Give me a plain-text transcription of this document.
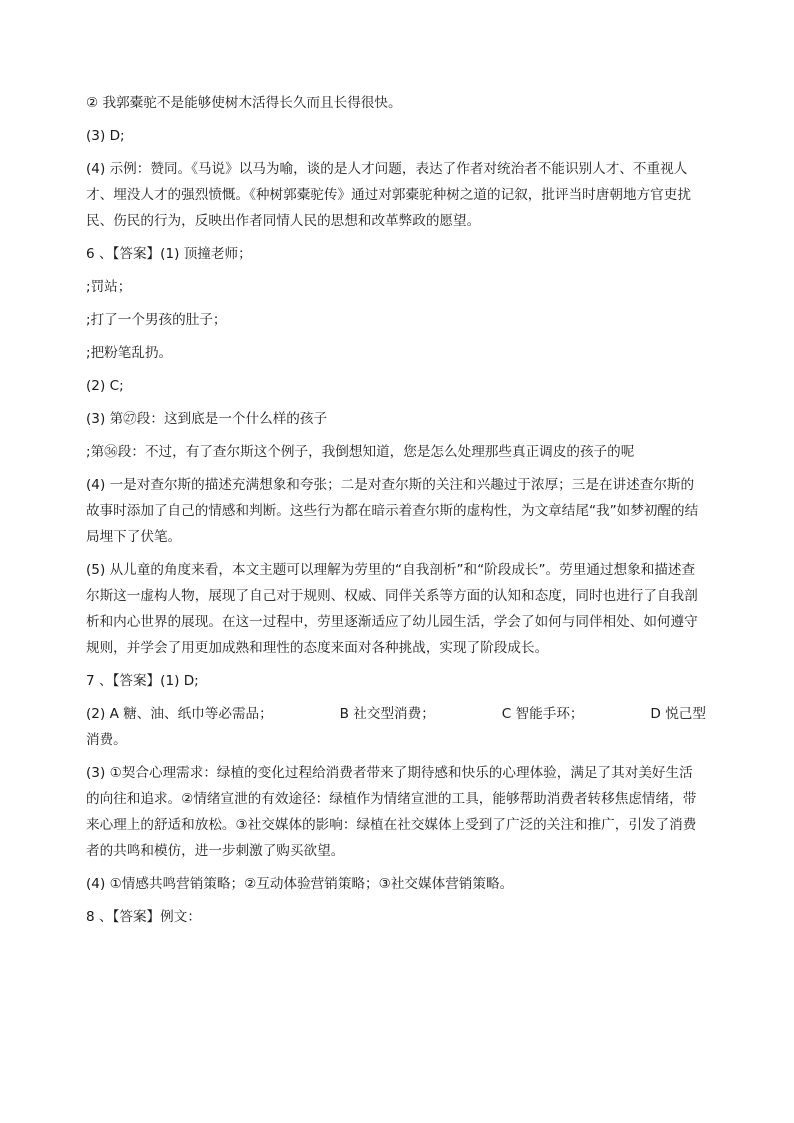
② 我郭橐驼不是能够使树木活得长久而且长得很快。

(3) D;

(4) 示例：赞同。《马说》以马为喻，谈的是人才问题，表达了作者对统治者不能识别人才、不重视人才、埋没人才的强烈愤慨。《种树郭橐驼传》通过对郭橐驼种树之道的记叙，批评当时唐朝地方官吏扰民、伤民的行为，反映出作者同情人民的思想和改革弊政的愿望。

6 、【答案】(1) 顶撞老师；

;罚站；

;打了一个男孩的肚子；

;把粉笔乱扔。

(2) C;

(3) 第㉗段：这到底是一个什么样的孩子

;第㊱段：不过，有了查尔斯这个例子，我倒想知道，您是怎么处理那些真正调皮的孩子的呢

(4) 一是对查尔斯的描述充满想象和夸张；二是对查尔斯的关注和兴趣过于浓厚；三是在讲述查尔斯的故事时添加了自己的情感和判断。这些行为都在暗示着查尔斯的虚构性，为文章结尾“我”如梦初醒的结局埋下了伏笔。

(5) 从儿童的角度来看，本文主题可以理解为劳里的“自我剖析”和“阶段成长”。劳里通过想象和描述查尔斯这一虚构人物，展现了自己对于规则、权威、同伴关系等方面的认知和态度，同时也进行了自我剖析和内心世界的展现。在这一过程中，劳里逐渐适应了幼儿园生活，学会了如何与同伴相处、如何遵守规则，并学会了用更加成熟和理性的态度来面对各种挑战，实现了阶段成长。

7 、【答案】(1) D;

(2) A 糖、油、纸巾等必需品；	B 社交型消费；	C 智能手环；	D 悦己型
消费。

(3) ①契合心理需求：绿植的变化过程给消费者带来了期待感和快乐的心理体验，满足了其对美好生活的向往和追求。②情绪宣泄的有效途径：绿植作为情绪宣泄的工具，能够帮助消费者转移焦虑情绪，带来心理上的舒适和放松。③社交媒体的影响：绿植在社交媒体上受到了广泛的关注和推广，引发了消费者的共鸣和模仿，进一步刺激了购买欲望。

(4) ①情感共鸣营销策略；②互动体验营销策略；③社交媒体营销策略。

8 、【答案】例文：
